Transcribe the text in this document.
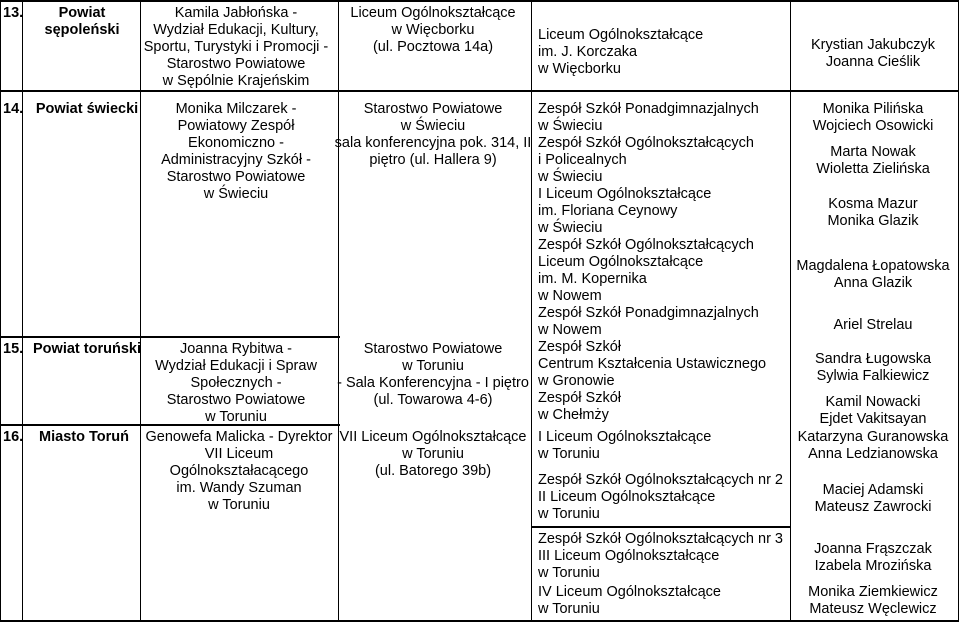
13. Powiat
sępoleński
Kamila Jabłońska -
Wydział Edukacji, Kultury,
Sportu, Turystyki i Promocji -
Starostwo Powiatowe
w Sępólnie Krajeńskim
Liceum Ogólnokształcące
w Więcborku
(ul. Pocztowa 14a)
Liceum Ogólnokształcące
im. J. Korczaka
w Więcborku
Krystian Jakubczyk
Joanna Cieślik
14. Powiat świecki	Monika Milczarek -
Powiatowy Zespół
Ekonomiczno -
Administracyjny Szkół -
Starostwo Powiatowe
w Świeciu
Starostwo Powiatowe
w Świeciu
sala konferencyjna pok. 314, II
piętro (ul. Hallera 9)
Zespół Szkół Ponadgimnazjalnych
w Świeciu
Zespół Szkół Ogólnokształcących
i Policealnych
w Świeciu
I Liceum Ogólnokształcące
im. Floriana Ceynowy
w Świeciu
Zespół Szkół Ogólnokształcących
Liceum Ogólnokształcące
im. M. Kopernika
w Nowem
Zespół Szkół Ponadgimnazjalnych
w Nowem
Zespół Szkół
Centrum Kształcenia Ustawicznego
w Gronowie
Zespół Szkół
w Chełmży
15. Powiat toruński	Joanna Rybitwa -
Wydział Edukacji i Spraw
Społecznych -
Starostwo Powiatowe
w Toruniu
Starostwo Powiatowe
w Toruniu
- Sala Konferencyjna - I piętro
(ul. Towarowa 4-6)
16. Miasto Toruń Genowefa Malicka - Dyrektor
VII Liceum
Ogólnokształacącego
im. Wandy Szuman
w Toruniu
VII Liceum Ogólnokształcące
w Toruniu
(ul. Batorego 39b)
I Liceum Ogólnokształcące
w Toruniu
Zespół Szkół Ogólnokształcących nr 2
II Liceum Ogólnokształcące
w Toruniu
Zespół Szkół Ogólnokształcących nr 3
III Liceum Ogólnokształcące
w Toruniu
IV Liceum Ogólnokształcące
w Toruniu
Monika Pilińska
Wojciech Osowicki
Marta Nowak
Wioletta Zielińska
Kosma Mazur
Monika Glazik
Magdalena Łopatowska
Anna Glazik
Ariel Strelau
Sandra Ługowska
Sylwia Falkiewicz
Kamil Nowacki
Ejdet Vakitsayan
Katarzyna Guranowska
Anna Ledzianowska
Maciej Adamski
Mateusz Zawrocki
Joanna Frąszczak
Izabela Mrozińska
Monika Ziemkiewicz
Mateusz Węclewicz
